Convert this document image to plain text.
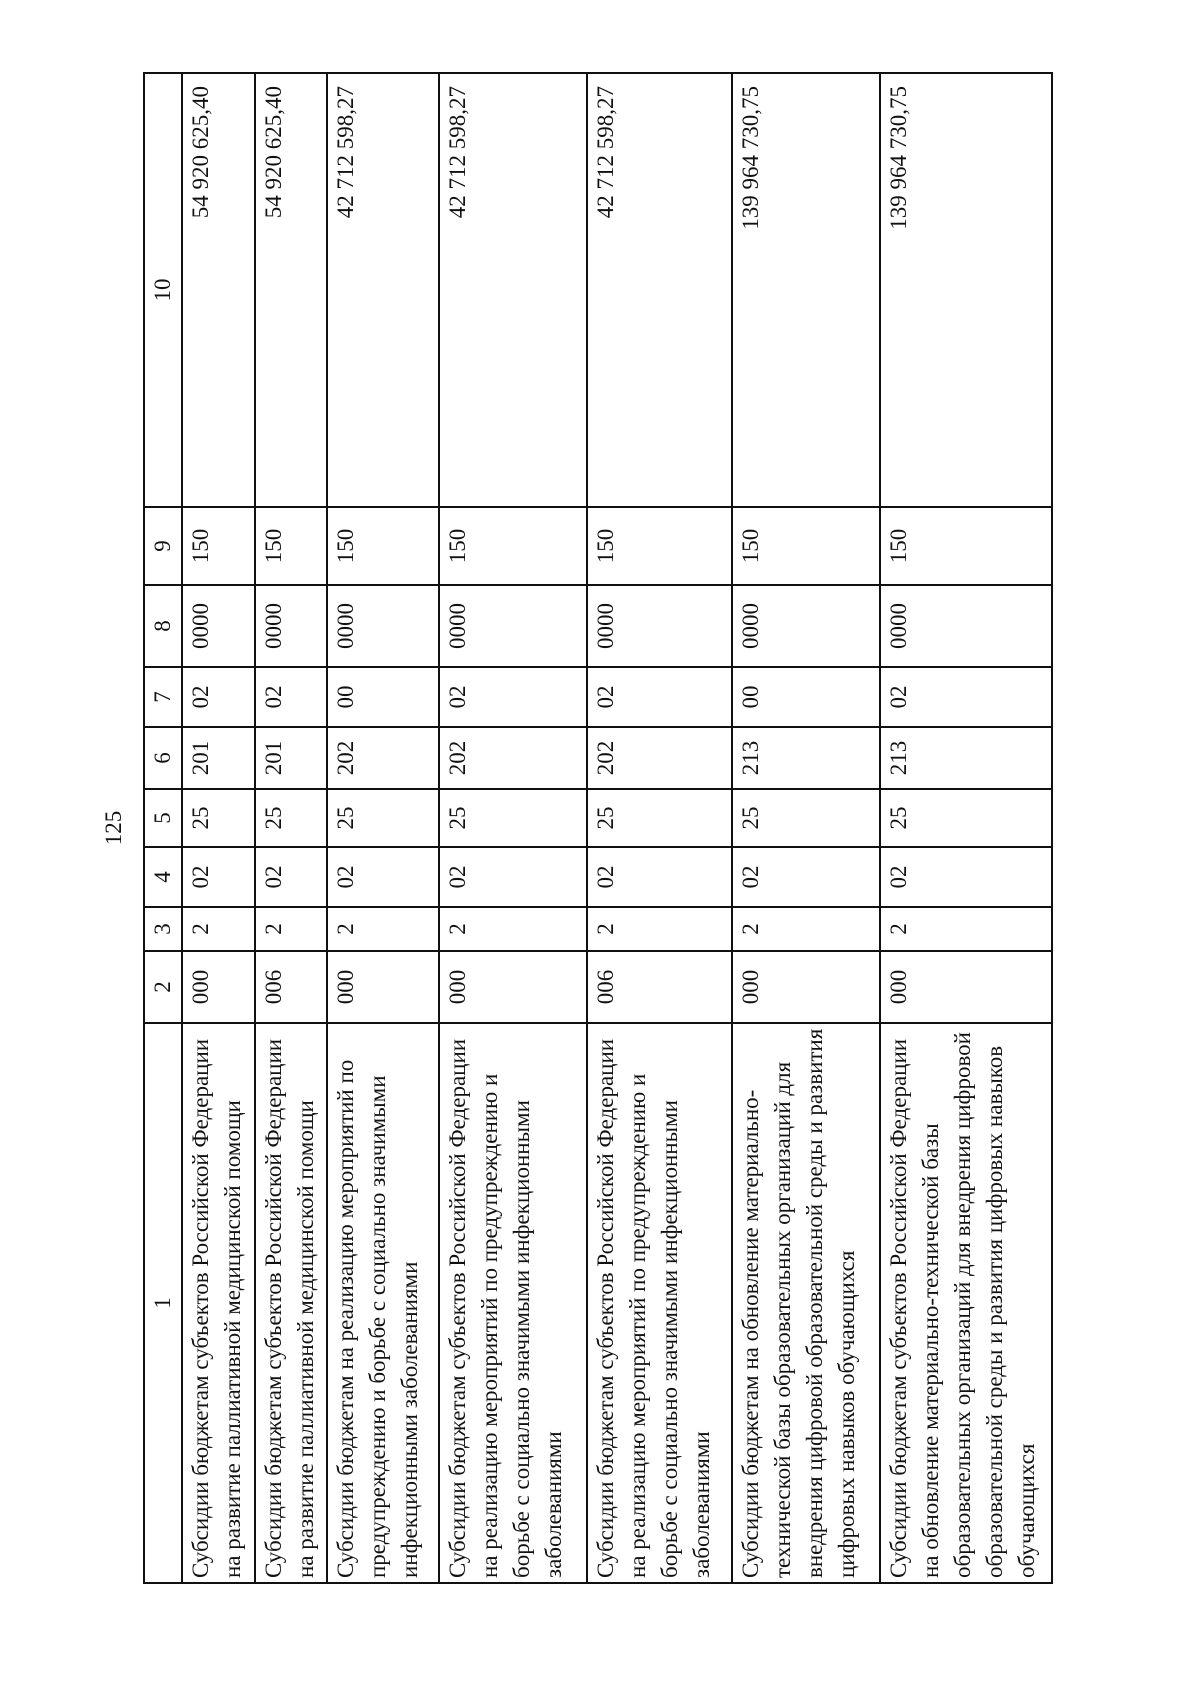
125
1	2	3	4	5	6	7	8	9	10
Субсидии бюджетам субъектов Российской Федерации на развитие паллиативной медицинской помощи	000	2	02	25	201	02	0000	150	54 920 625,40
Субсидии бюджетам субъектов Российской Федерации на развитие паллиативной медицинской помощи	006	2	02	25	201	02	0000	150	54 920 625,40
Субсидии бюджетам на реализацию мероприятий по предупреждению и борьбе с социально значимыми инфекционными заболеваниями	000	2	02	25	202	00	0000	150	42 712 598,27
Субсидии бюджетам субъектов Российской Федерации на реализацию мероприятий по предупреждению и борьбе с социально значимыми инфекционными заболеваниями	000	2	02	25	202	02	0000	150	42 712 598,27
Субсидии бюджетам субъектов Российской Федерации на реализацию мероприятий по предупреждению и борьбе с социально значимыми инфекционными заболеваниями	006	2	02	25	202	02	0000	150	42 712 598,27
Субсидии бюджетам на обновление материально-технической базы образовательных организаций для внедрения цифровой образовательной среды и развития цифровых навыков обучающихся	000	2	02	25	213	00	0000	150	139 964 730,75
Субсидии бюджетам субъектов Российской Федерации на обновление материально-технической базы образовательных организаций для внедрения цифровой образовательной среды и развития цифровых навыков обучающихся	000	2	02	25	213	02	0000	150	139 964 730,75
